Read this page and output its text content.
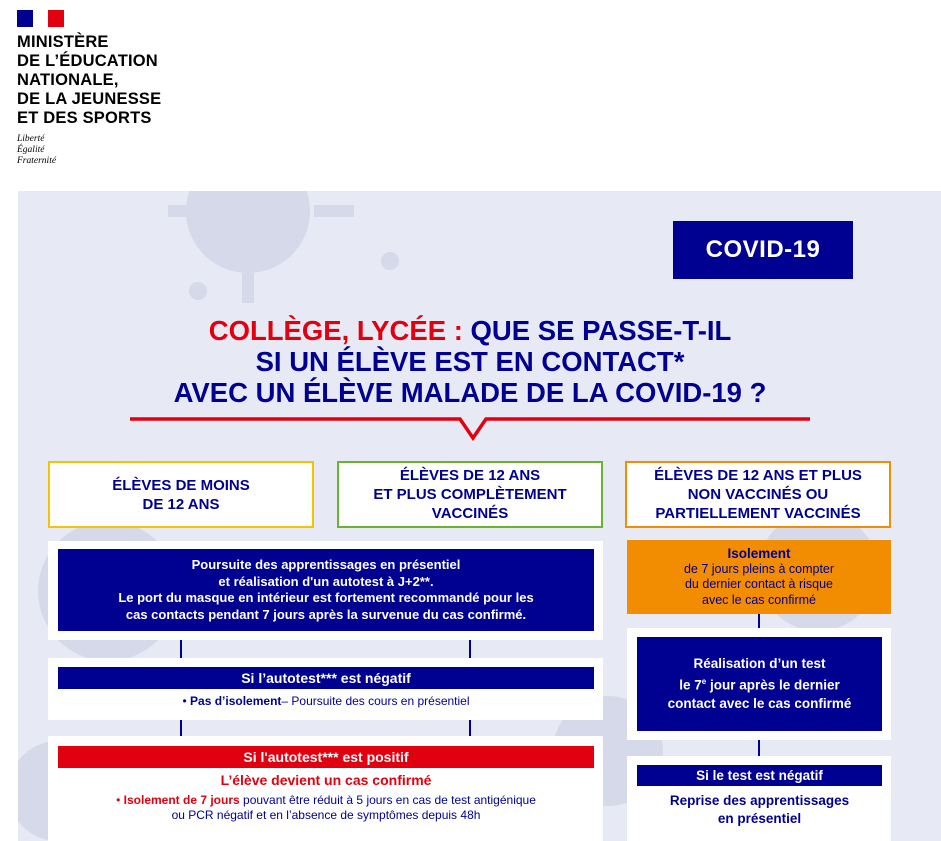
MINISTÈRE
DE L’ÉDUCATION
NATIONALE,
DE LA JEUNESSE
ET DES SPORTS
Liberté
Égalité
Fraternité
COVID-19
COLLÈGE, LYCÉE : QUE SE PASSE-T-IL
SI UN ÉLÈVE EST EN CONTACT*
AVEC UN ÉLÈVE MALADE DE LA COVID-19 ?
ÉLÈVES DE MOINS
DE 12 ANS
ÉLÈVES DE 12 ANS
ET PLUS COMPLÈTEMENT
VACCINÉS
ÉLÈVES DE 12 ANS ET PLUS
NON VACCINÉS OU
PARTIELLEMENT VACCINÉS
Poursuite des apprentissages en présentiel
et réalisation d'un autotest à J+2**.
Le port du masque en intérieur est fortement recommandé pour les
cas contacts pendant 7 jours après la survenue du cas confirmé.
Si l’autotest*** est négatif
• Pas d’isolement– Poursuite des cours en présentiel
Si l'autotest*** est positif
L’élève devient un cas confirmé
• Isolement de 7 jours pouvant être réduit à 5 jours en cas de test antigénique
ou PCR négatif et en l’absence de symptômes depuis 48h
Isolement
de 7 jours pleins à compter
du dernier contact à risque
avec le cas confirmé
Réalisation d’un test
le 7e jour après le dernier
contact avec le cas confirmé
Si le test est négatif
Reprise des apprentissages
en présentiel
